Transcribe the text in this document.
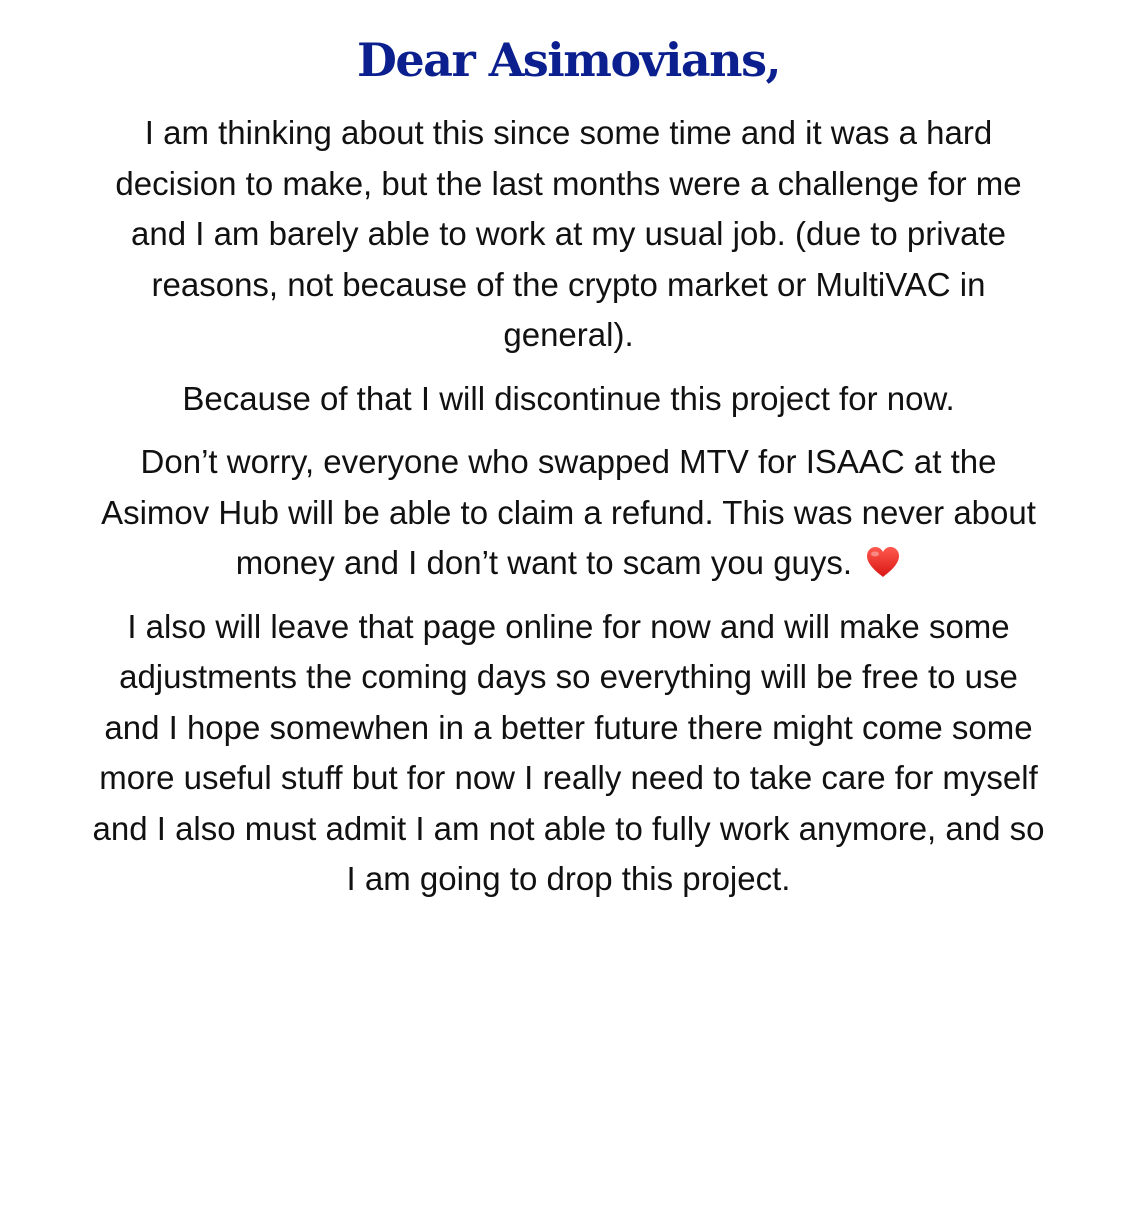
Dear Asimovians,

I am thinking about this since some time and it was a hard decision to make, but the last months were a challenge for me and I am barely able to work at my usual job. (due to private reasons, not because of the crypto market or MultiVAC in general).

Because of that I will discontinue this project for now.

Don’t worry, everyone who swapped MTV for ISAAC at the Asimov Hub will be able to claim a refund. This was never about money and I don’t want to scam you guys.

I also will leave that page online for now and will make some adjustments the coming days so everything will be free to use and I hope somewhen in a better future there might come some more useful stuff but for now I really need to take care for myself and I also must admit I am not able to fully work anymore, and so I am going to drop this project.
